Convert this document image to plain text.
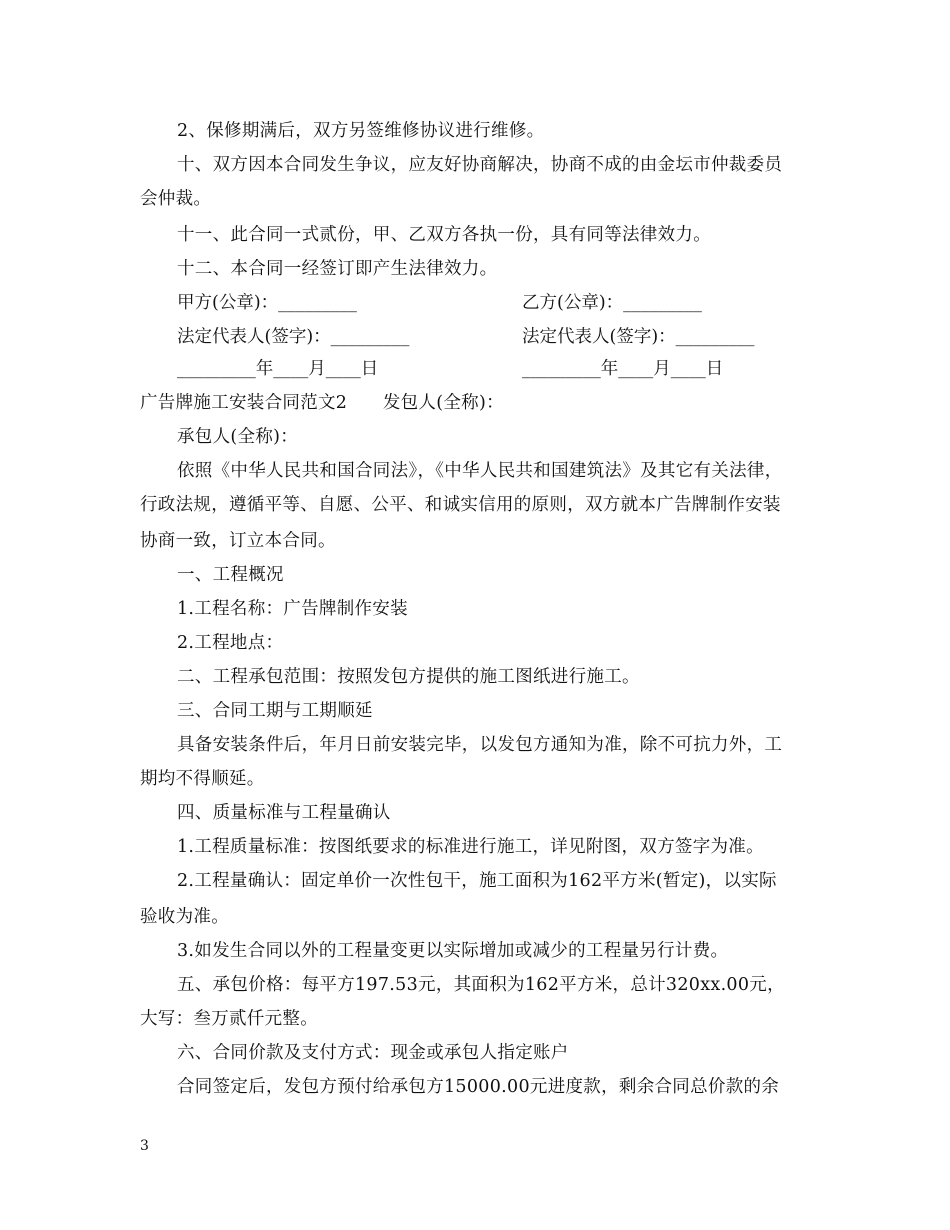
2、保修期满后，双方另签维修协议进行维修。
十、双方因本合同发生争议，应友好协商解决，协商不成的由金坛市仲裁委员
会仲裁。
十一、此合同一式贰份，甲、乙双方各执一份，具有同等法律效力。
十二、本合同一经签订即产生法律效力。
甲方(公章)：_________	乙方(公章)：_________
法定代表人(签字)：_________	法定代表人(签字)：_________
_________年____月____日	_________年____月____日
广告牌施工安装合同范文2　　发包人(全称)：
承包人(全称)：
依照《中华人民共和国合同法》，《中华人民共和国建筑法》及其它有关法律，
行政法规，遵循平等、自愿、公平、和诚实信用的原则，双方就本广告牌制作安装
协商一致，订立本合同。
一、工程概况
1.工程名称：广告牌制作安装
2.工程地点：
二、工程承包范围：按照发包方提供的施工图纸进行施工。
三、合同工期与工期顺延
具备安装条件后，年月日前安装完毕，以发包方通知为准，除不可抗力外，工
期均不得顺延。
四、质量标准与工程量确认
1.工程质量标准：按图纸要求的标准进行施工，详见附图，双方签字为准。
2.工程量确认：固定单价一次性包干，施工面积为162平方米(暂定)，以实际
验收为准。
3.如发生合同以外的工程量变更以实际增加或减少的工程量另行计费。
五、承包价格：每平方197.53元，其面积为162平方米，总计320xx.00元，
大写：叁万贰仟元整。
六、合同价款及支付方式：现金或承包人指定账户
合同签定后，发包方预付给承包方15000.00元进度款，剩余合同总价款的余
3
